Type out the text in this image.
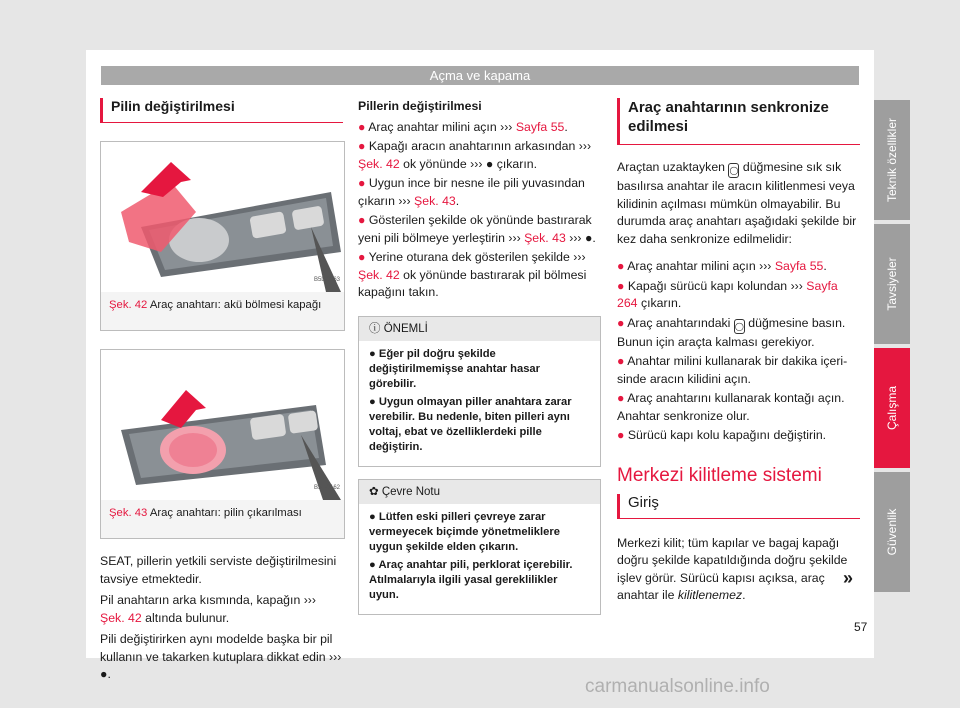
Açma ve kapama
Pilin değiştirilmesi
B5L-0163
Şek. 42 Araç anahtarı: akü bölmesi kapağı
B5L-0162
Şek. 43 Araç anahtarı: pilin çıkarılması

SEAT, pillerin yetkili serviste değiştirilmesini tavsiye etmektedir.

Pil anahtarın arka kısmında, kapağın ››› Şek. 42 altında bulunur.

Pili değiştirirken aynı modelde başka bir pil kullanın ve takarken kutuplara dikkat edin ››› ●.

Pillerin değiştirilmesi
● Araç anahtar milini açın ››› Sayfa 55.
● Kapağı aracın anahtarının arkasından ››› Şek. 42 ok yönünde ››› ● çıkarın.
● Uygun ince bir nesne ile pili yuvasından çıkarın ››› Şek. 43.
● Gösterilen şekilde ok yönünde bastırarak yeni pili bölmeye yerleştirin ››› Şek. 43 ››› ●.
● Yerine oturana dek gösterilen şekilde ››› Şek. 42 ok yönünde bastırarak pil bölmesi kapağını takın.
ⓘ ÖNEMLİ
● Eğer pil doğru şekilde değiştirilmemişse anahtar hasar görebilir.
● Uygun olmayan piller anahtara zarar verebilir. Bu nedenle, biten pilleri aynı voltaj, ebat ve özelliklerdeki pille değiştirin.
✿ Çevre Notu
● Lütfen eski pilleri çevreye zarar vermeyecek biçimde yönetmeliklere uygun şekilde elden çıkarın.
● Araç anahtar pili, perklorat içerebilir. Atılmalarıyla ilgili yasal gereklilikler uyun.
Araç anahtarının senkronize edilmesi

Araçtan uzaktayken ◯ düğmesine sık sık basılırsa anahtar ile aracın kilitlenmesi veya kilidinin açılması mümkün olmayabilir. Bu durumda araç anahtarı aşağıdaki şekilde bir kez daha senkronize edilmelidir:

● Araç anahtar milini açın ››› Sayfa 55.
● Kapağı sürücü kapı kolundan ››› Sayfa 264 çıkarın.
● Araç anahtarındaki ◯ düğmesine basın. Bunun için araçta kalması gerekiyor.
● Anahtar milini kullanarak bir dakika içeri-sinde aracın kilidini açın.
● Araç anahtarını kullanarak kontağı açın. Anahtar senkronize olur.
● Sürücü kapı kolu kapağını değiştirin.
Merkezi kilitleme sistemi
Giriş

Merkezi kilit; tüm kapılar ve bagaj kapağı doğru şekilde kapatıldığında doğru şekilde işlev görür. Sürücü kapısı açıksa, araç anahtar ile kilitlenemez.

»
Teknik özellikler
Tavsiyeler
Çalışma
Güvenlik
57
carmanualsonline.info
